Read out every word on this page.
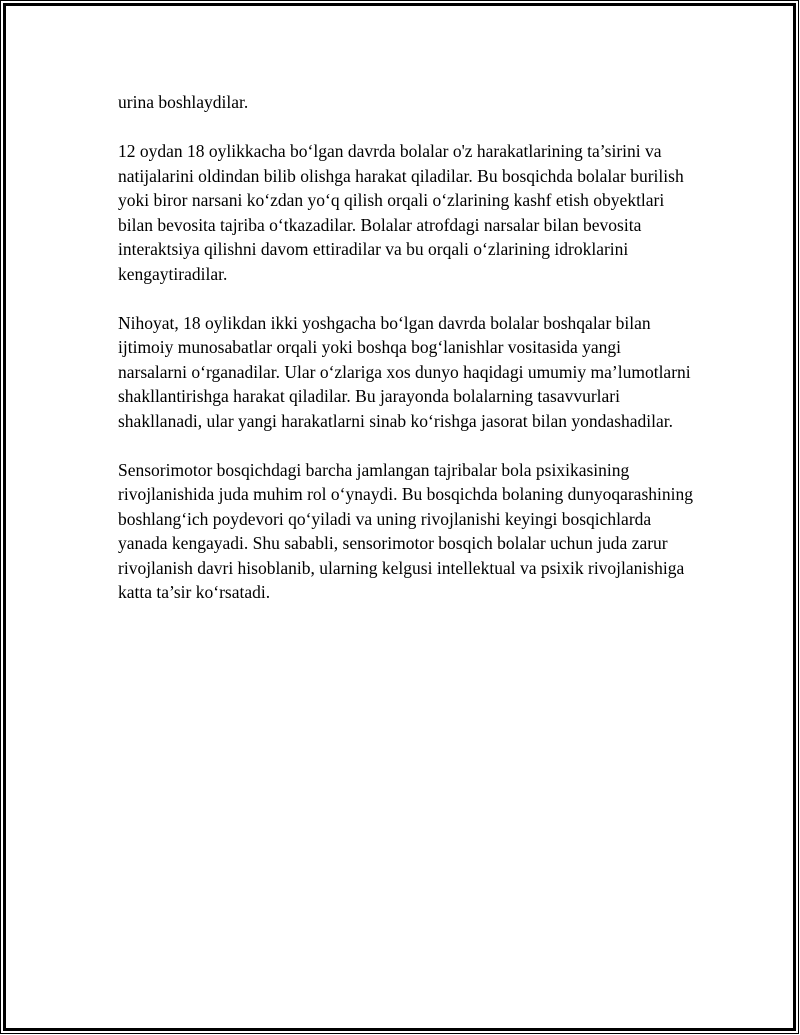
urina boshlaydilar.

12 oydan 18 oylikkacha bo‘lgan davrda bolalar o'z harakatlarining ta’sirini va natijalarini oldindan bilib olishga harakat qiladilar. Bu bosqichda bolalar burilish yoki biror narsani ko‘zdan yo‘q qilish orqali o‘zlarining kashf etish obyektlari bilan bevosita tajriba o‘tkazadilar. Bolalar atrofdagi narsalar bilan bevosita interaktsiya qilishni davom ettiradilar va bu orqali o‘zlarining idroklarini kengaytiradilar.

Nihoyat, 18 oylikdan ikki yoshgacha bo‘lgan davrda bolalar boshqalar bilan ijtimoiy munosabatlar orqali yoki boshqa bog‘lanishlar vositasida yangi narsalarni o‘rganadilar. Ular o‘zlariga xos dunyo haqidagi umumiy ma’lumotlarni shakllantirishga harakat qiladilar. Bu jarayonda bolalarning tasavvurlari shakllanadi, ular yangi harakatlarni sinab ko‘rishga jasorat bilan yondashadilar.

Sensorimotor bosqichdagi barcha jamlangan tajribalar bola psixikasining rivojlanishida juda muhim rol o‘ynaydi. Bu bosqichda bolaning dunyoqarashining boshlang‘ich poydevori qo‘yiladi va uning rivojlanishi keyingi bosqichlarda yanada kengayadi. Shu sababli, sensorimotor bosqich bolalar uchun juda zarur rivojlanish davri hisoblanib, ularning kelgusi intellektual va psixik rivojlanishiga katta ta’sir ko‘rsatadi.
